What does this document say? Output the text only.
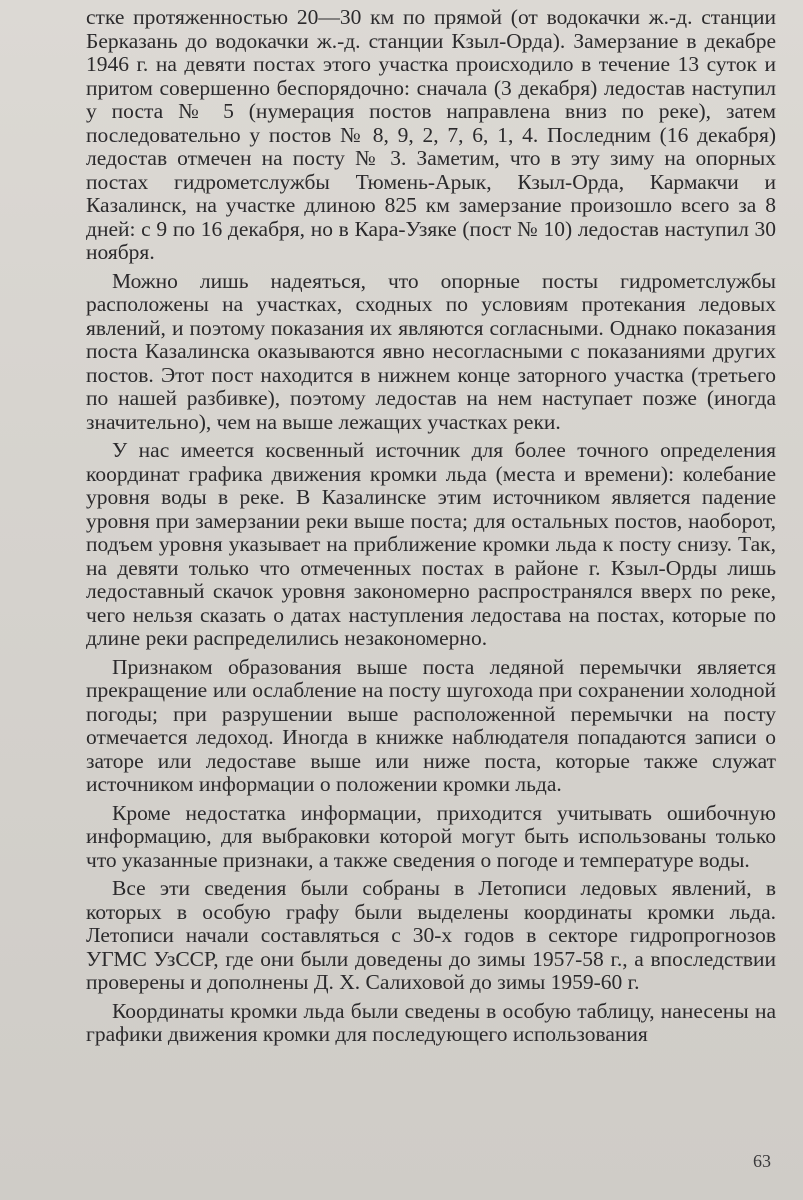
стке протяженностью 20—30 км по прямой (от водокачки ж.-д. станции Берказань до водокачки ж.-д. станции Кзыл-Орда). Замерзание в декабре 1946 г. на девяти постах этого участка происходило в течение 13 суток и притом совершенно беспорядочно: сначала (3 декабря) ледостав наступил у поста № 5 (нумерация постов направлена вниз по реке), затем последовательно у постов № 8, 9, 2, 7, 6, 1, 4. Последним (16 декабря) ледостав отмечен на посту № 3. Заметим, что в эту зиму на опорных постах гидрометслужбы Тюмень-Арык, Кзыл-Орда, Кармакчи и Казалинск, на участке длиною 825 км замерзание произошло всего за 8 дней: с 9 по 16 декабря, но в Кара-Узяке (пост № 10) ледостав наступил 30 ноября.

Можно лишь надеяться, что опорные посты гидрометслужбы расположены на участках, сходных по условиям протекания ледовых явлений, и поэтому показания их являются согласными. Однако показания поста Казалинска оказываются явно несогласными с показаниями других постов. Этот пост находится в нижнем конце заторного участка (третьего по нашей разбивке), поэтому ледостав на нем наступает позже (иногда значительно), чем на выше лежащих участках реки.

У нас имеется косвенный источник для более точного определения координат графика движения кромки льда (места и времени): колебание уровня воды в реке. В Казалинске этим источником является падение уровня при замерзании реки выше поста; для остальных постов, наоборот, подъем уровня указывает на приближение кромки льда к посту снизу. Так, на девяти только что отмеченных постах в районе г. Кзыл-Орды лишь ледоставный скачок уровня закономерно распространялся вверх по реке, чего нельзя сказать о датах наступления ледостава на постах, которые по длине реки распределились незакономерно.

Признаком образования выше поста ледяной перемычки является прекращение или ослабление на посту шугохода при сохранении холодной погоды; при разрушении выше расположенной перемычки на посту отмечается ледоход. Иногда в книжке наблюдателя попадаются записи о заторе или ледоставе выше или ниже поста, которые также служат источником информации о положении кромки льда.

Кроме недостатка информации, приходится учитывать ошибочную информацию, для выбраковки которой могут быть использованы только что указанные признаки, а также сведения о погоде и температуре воды.

Все эти сведения были собраны в Летописи ледовых явлений, в которых в особую графу были выделены координаты кромки льда. Летописи начали составляться с 30-х годов в секторе гидропрогнозов УГМС УзССР, где они были доведены до зимы 1957-58 г., а впоследствии проверены и дополнены Д. Х. Салиховой до зимы 1959-60 г.

Координаты кромки льда были сведены в особую таблицу, нанесены на графики движения кромки для последующего использования

63
